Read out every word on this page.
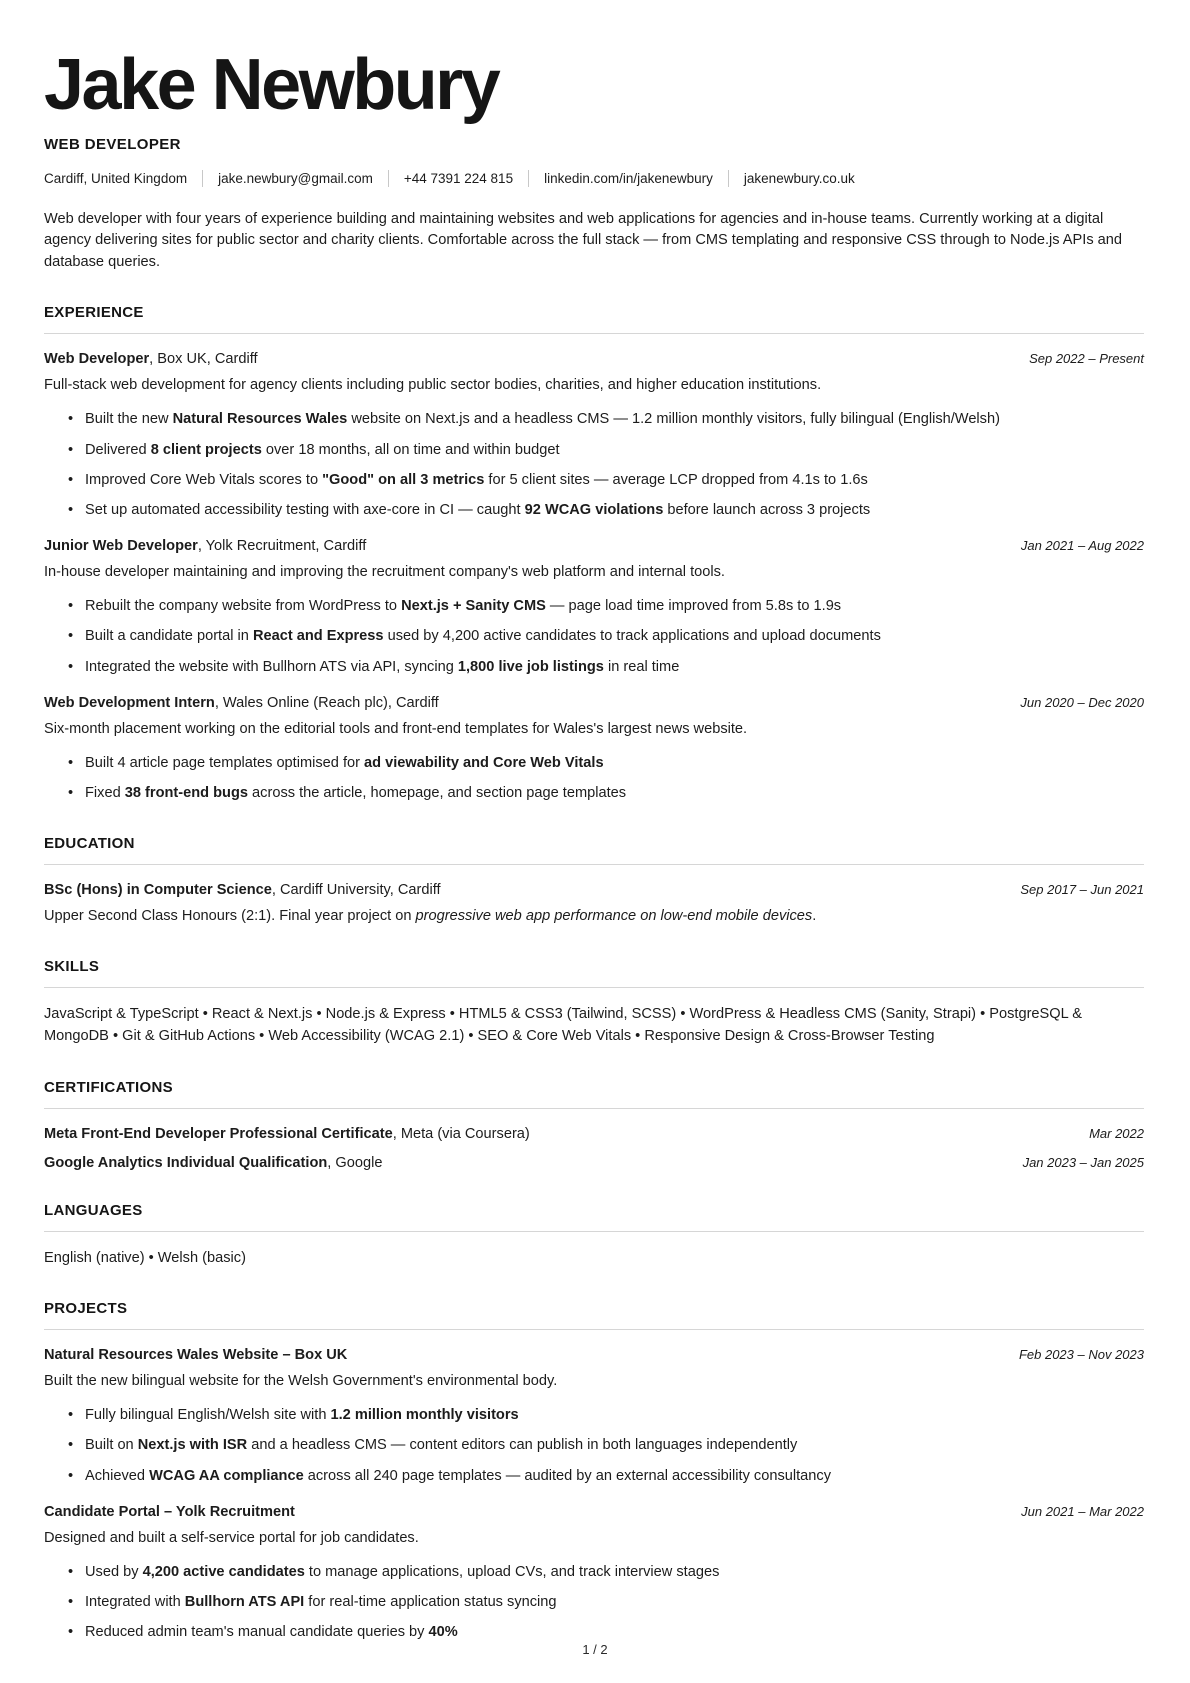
Jake Newbury
WEB DEVELOPER
Cardiff, United Kingdom jake.newbury@gmail.com +44 7391 224 815 linkedin.com/in/jakenewbury jakenewbury.co.uk

Web developer with four years of experience building and maintaining websites and web applications for agencies and in-house teams. Currently working at a digital agency delivering sites for public sector and charity clients. Comfortable across the full stack — from CMS templating and responsive CSS through to Node.js APIs and database queries.

EXPERIENCE
Web Developer, Box UK, Cardiff	Sep 2022 – Present
Full-stack web development for agency clients including public sector bodies, charities, and higher education institutions.
• Built the new Natural Resources Wales website on Next.js and a headless CMS — 1.2 million monthly visitors, fully bilingual (English/Welsh)
• Delivered 8 client projects over 18 months, all on time and within budget
• Improved Core Web Vitals scores to "Good" on all 3 metrics for 5 client sites — average LCP dropped from 4.1s to 1.6s
• Set up automated accessibility testing with axe-core in CI — caught 92 WCAG violations before launch across 3 projects
Junior Web Developer, Yolk Recruitment, Cardiff	Jan 2021 – Aug 2022
In-house developer maintaining and improving the recruitment company's web platform and internal tools.
• Rebuilt the company website from WordPress to Next.js + Sanity CMS — page load time improved from 5.8s to 1.9s
• Built a candidate portal in React and Express used by 4,200 active candidates to track applications and upload documents
• Integrated the website with Bullhorn ATS via API, syncing 1,800 live job listings in real time
Web Development Intern, Wales Online (Reach plc), Cardiff	Jun 2020 – Dec 2020
Six-month placement working on the editorial tools and front-end templates for Wales's largest news website.
• Built 4 article page templates optimised for ad viewability and Core Web Vitals
• Fixed 38 front-end bugs across the article, homepage, and section page templates
EDUCATION
BSc (Hons) in Computer Science, Cardiff University, Cardiff	Sep 2017 – Jun 2021
Upper Second Class Honours (2:1). Final year project on progressive web app performance on low-end mobile devices.
SKILLS
JavaScript & TypeScript • React & Next.js • Node.js & Express • HTML5 & CSS3 (Tailwind, SCSS) • WordPress & Headless CMS (Sanity, Strapi) • PostgreSQL & MongoDB • Git & GitHub Actions • Web Accessibility (WCAG 2.1) • SEO & Core Web Vitals • Responsive Design & Cross-Browser Testing
CERTIFICATIONS
Meta Front-End Developer Professional Certificate, Meta (via Coursera)	Mar 2022
Google Analytics Individual Qualification, Google	Jan 2023 – Jan 2025
LANGUAGES
English (native) • Welsh (basic)
PROJECTS
Natural Resources Wales Website – Box UK	Feb 2023 – Nov 2023
Built the new bilingual website for the Welsh Government's environmental body.
• Fully bilingual English/Welsh site with 1.2 million monthly visitors
• Built on Next.js with ISR and a headless CMS — content editors can publish in both languages independently
• Achieved WCAG AA compliance across all 240 page templates — audited by an external accessibility consultancy
Candidate Portal – Yolk Recruitment	Jun 2021 – Mar 2022
Designed and built a self-service portal for job candidates.
• Used by 4,200 active candidates to manage applications, upload CVs, and track interview stages
• Integrated with Bullhorn ATS API for real-time application status syncing
• Reduced admin team's manual candidate queries by 40%
1 / 2
